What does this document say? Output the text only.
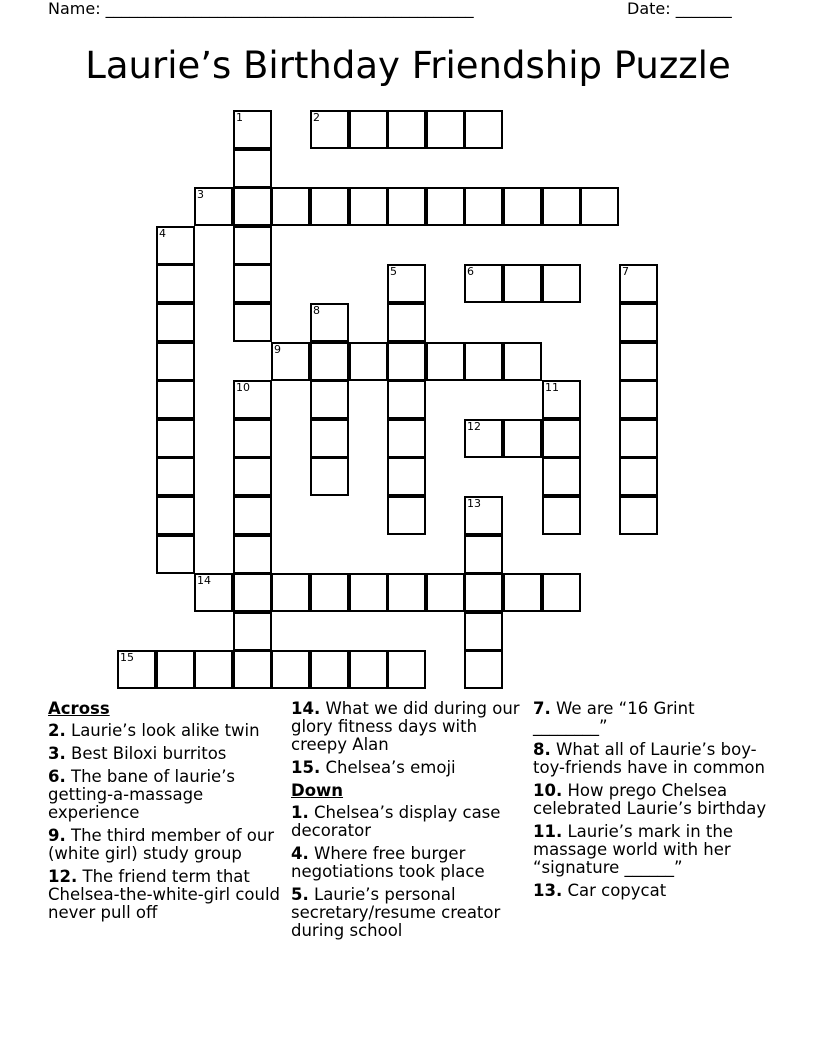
Name: ______________________________________________	Date: _______
Laurie’s Birthday Friendship Puzzle
1	2
3
4
5	6	7
8
9
10	11
12
13
14
15
Across
2. Laurie’s look alike twin
3. Best Biloxi burritos
6. The bane of laurie’s getting-a-massage experience
9. The third member of our (white girl) study group
12. The friend term that Chelsea-the-white-girl could never pull off
14. What we did during our glory fitness days with creepy Alan
15. Chelsea’s emoji
Down
1. Chelsea’s display case decorator
4. Where free burger negotiations took place
5. Laurie’s personal secretary/resume creator during school
7. We are “16 Grint ________”
8. What all of Laurie’s boy-toy-friends have in common
10. How prego Chelsea celebrated Laurie’s birthday
11. Laurie’s mark in the massage world with her “signature ______”
13. Car copycat
